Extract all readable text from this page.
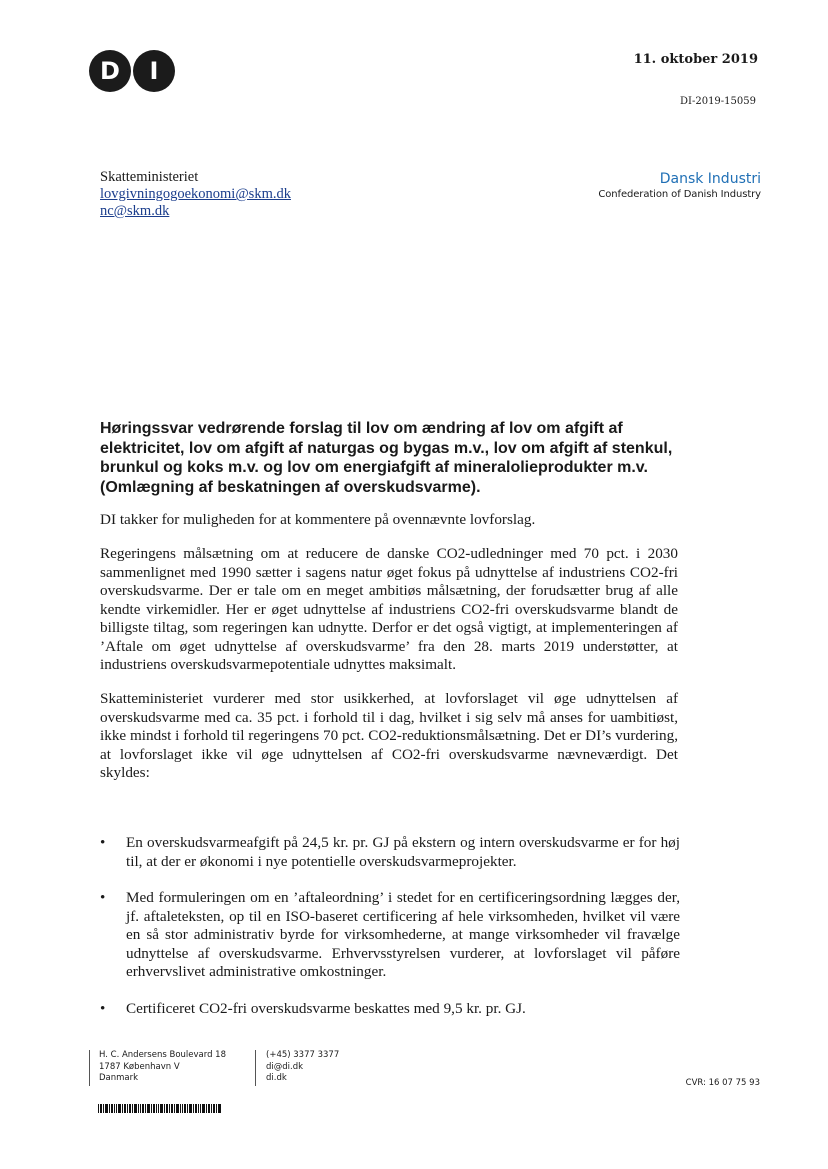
D	I	11. oktober 2019
DI-2019-15059
Skatteministeriet
lovgivningogoekonomi@skm.dk
nc@skm.dk
Dansk Industri
Confederation of Danish Industry
Høringssvar vedrørende forslag til lov om ændring af lov om afgift af elektricitet, lov om afgift af naturgas og bygas m.v., lov om afgift af stenkul, brunkul og koks m.v. og lov om energiafgift af mineralolieprodukter m.v. (Omlægning af beskatningen af overskudsvarme).
DI takker for muligheden for at kommentere på ovennævnte lovforslag.
Regeringens målsætning om at reducere de danske CO2-udledninger med 70 pct. i 2030 sammenlignet med 1990 sætter i sagens natur øget fokus på udnyttelse af industriens CO2-fri overskudsvarme. Der er tale om en meget ambitiøs målsætning, der forudsætter brug af alle kendte virkemidler. Her er øget udnyttelse af industriens CO2-fri overskudsvarme blandt de billigste tiltag, som regeringen kan udnytte. Derfor er det også vigtigt, at implementeringen af ’Aftale om øget udnyttelse af overskudsvarme’ fra den 28. marts 2019 understøtter, at industriens overskudsvarmepotentiale udnyttes maksimalt.
Skatteministeriet vurderer med stor usikkerhed, at lovforslaget vil øge udnyttelsen af overskudsvarme med ca. 35 pct. i forhold til i dag, hvilket i sig selv må anses for uambitiøst, ikke mindst i forhold til regeringens 70 pct. CO2-reduktionsmålsætning. Det er DI’s vurdering, at lovforslaget ikke vil øge udnyttelsen af CO2-fri overskudsvarme nævneværdigt. Det skyldes:
• En overskudsvarmeafgift på 24,5 kr. pr. GJ på ekstern og intern overskudsvarme er for høj til, at der er økonomi i nye potentielle overskudsvarmeprojekter.
• Med formuleringen om en ’aftaleordning’ i stedet for en certificeringsordning lægges der, jf. aftaleteksten, op til en ISO-baseret certificering af hele virksomheden, hvilket vil være en så stor administrativ byrde for virksomhederne, at mange virksomheder vil fravælge udnyttelse af overskudsvarme. Erhvervsstyrelsen vurderer, at lovforslaget vil påføre erhvervslivet administrative omkostninger.
• Certificeret CO2-fri overskudsvarme beskattes med 9,5 kr. pr. GJ.
H. C. Andersens Boulevard 18
1787 København V
Danmark
(+45) 3377 3377
di@di.dk
di.dk	CVR: 16 07 75 93
